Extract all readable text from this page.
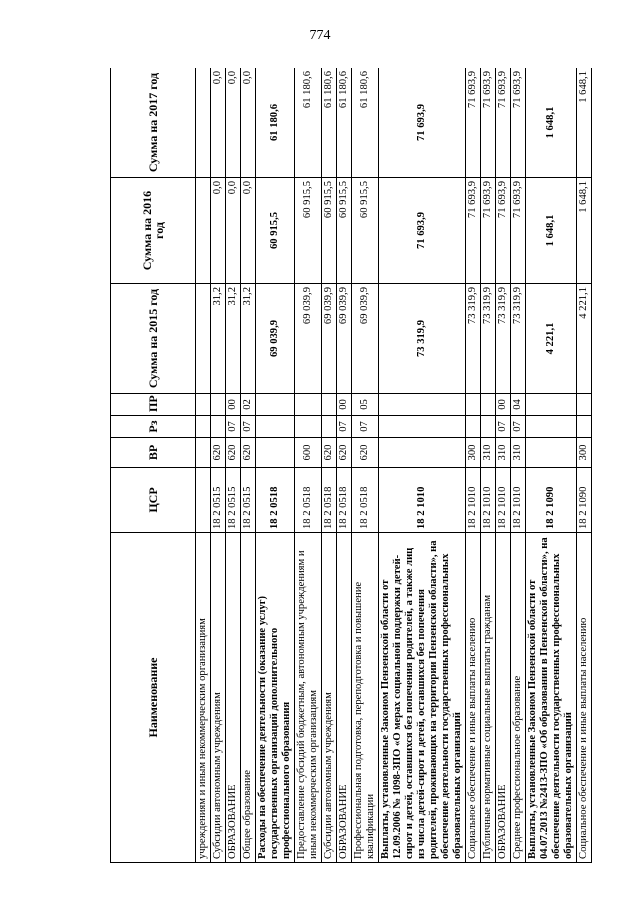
774
Наименование	ЦСР	ВР	Рз	ПР	Сумма на 2015 год	Сумма на 2016 год	Сумма на 2017 год
учреждениям и иным некоммерческим организациям							
Субсидии автономным учреждениям	18 2 0515	620			31,2	0,0	0,0
ОБРАЗОВАНИЕ	18 2 0515	620	07	00	31,2	0,0	0,0
Общее образование	18 2 0515	620	07	02	31,2	0,0	0,0
Расходы на обеспечение деятельности (оказание услуг) государственных организаций дополнительного профессионального образования	18 2 0518				69 039,9	60 915,5	61 180,6
Предоставление субсидий бюджетным, автономным учреждениям и иным некоммерческим организациям	18 2 0518	600			69 039,9	60 915,5	61 180,6
Субсидии автономным учреждениям	18 2 0518	620			69 039,9	60 915,5	61 180,6
ОБРАЗОВАНИЕ	18 2 0518	620	07	00	69 039,9	60 915,5	61 180,6
Профессиональная подготовка, переподготовка и повышение квалификации	18 2 0518	620	07	05	69 039,9	60 915,5	61 180,6
Выплаты, установленные Законом Пензенской области от 12.09.2006 № 1098-ЗПО «О мерах социальной поддержки детей-сирот и детей, оставшихся без попечения родителей, а также лиц из числа детей-сирот и детей, оставшихся без попечения родителей, проживающих на территории Пензенской области», на обеспечение деятельности государственных профессиональных образовательных организаций	18 2 1010				73 319,9	71 693,9	71 693,9
Социальное обеспечение и иные выплаты населению	18 2 1010	300			73 319,9	71 693,9	71 693,9
Публичные нормативные социальные выплаты гражданам	18 2 1010	310			73 319,9	71 693,9	71 693,9
ОБРАЗОВАНИЕ	18 2 1010	310	07	00	73 319,9	71 693,9	71 693,9
Среднее профессиональное образование	18 2 1010	310	07	04	73 319,9	71 693,9	71 693,9
Выплаты, установленные Законом Пензенской области от 04.07.2013 №2413-ЗПО «Об образовании в Пензенской области», на обеспечение деятельности государственных профессиональных образовательных организаций	18 2 1090				4 221,1	1 648,1	1 648,1
Социальное обеспечение и иные выплаты населению	18 2 1090	300			4 221,1	1 648,1	1 648,1
